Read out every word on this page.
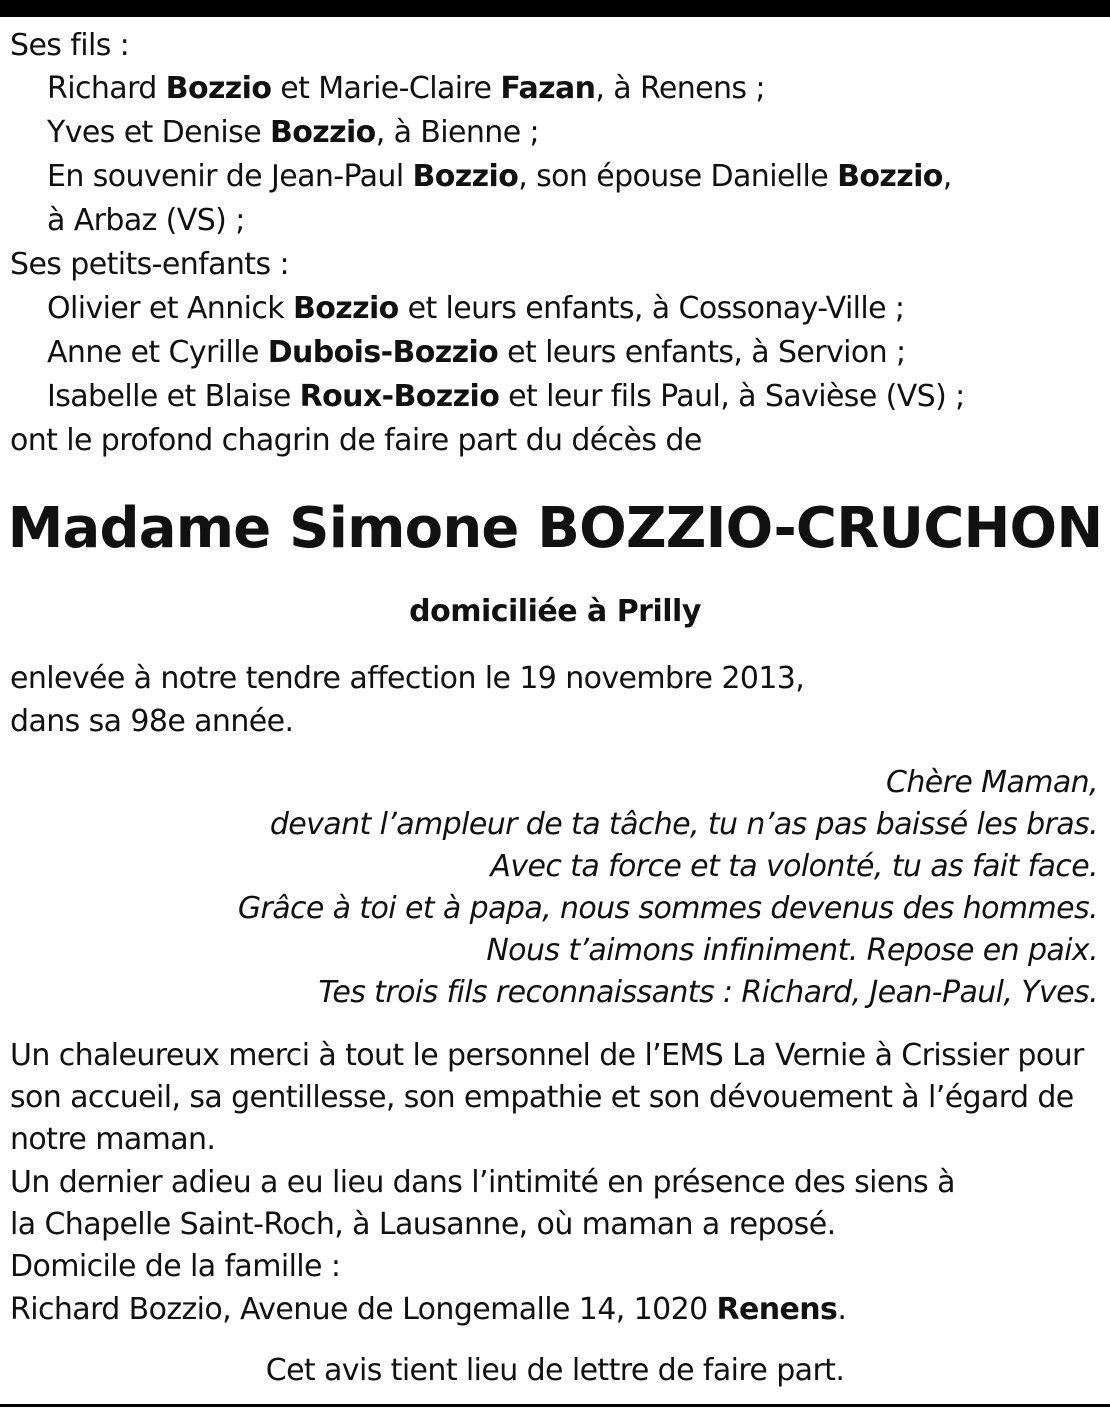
Ses fils :
Richard Bozzio et Marie-Claire Fazan, à Renens ;
Yves et Denise Bozzio, à Bienne ;
En souvenir de Jean-Paul Bozzio, son épouse Danielle Bozzio,
à Arbaz (VS) ;
Ses petits-enfants :
Olivier et Annick Bozzio et leurs enfants, à Cossonay-Ville ;
Anne et Cyrille Dubois-Bozzio et leurs enfants, à Servion ;
Isabelle et Blaise Roux-Bozzio et leur fils Paul, à Savièse (VS) ;
ont le profond chagrin de faire part du décès de
Madame Simone BOZZIO-CRUCHON
domiciliée à Prilly
enlevée à notre tendre affection le 19 novembre 2013,
dans sa 98e année.
Chère Maman,
devant l’ampleur de ta tâche, tu n’as pas baissé les bras.
Avec ta force et ta volonté, tu as fait face.
Grâce à toi et à papa, nous sommes devenus des hommes.
Nous t’aimons infiniment. Repose en paix.
Tes trois fils reconnaissants : Richard, Jean-Paul, Yves.
Un chaleureux merci à tout le personnel de l’EMS La Vernie à Crissier pour
son accueil, sa gentillesse, son empathie et son dévouement à l’égard de
notre maman.
Un dernier adieu a eu lieu dans l’intimité en présence des siens à
la Chapelle Saint-Roch, à Lausanne, où maman a reposé.
Domicile de la famille :
Richard Bozzio, Avenue de Longemalle 14, 1020 Renens.
Cet avis tient lieu de lettre de faire part.
